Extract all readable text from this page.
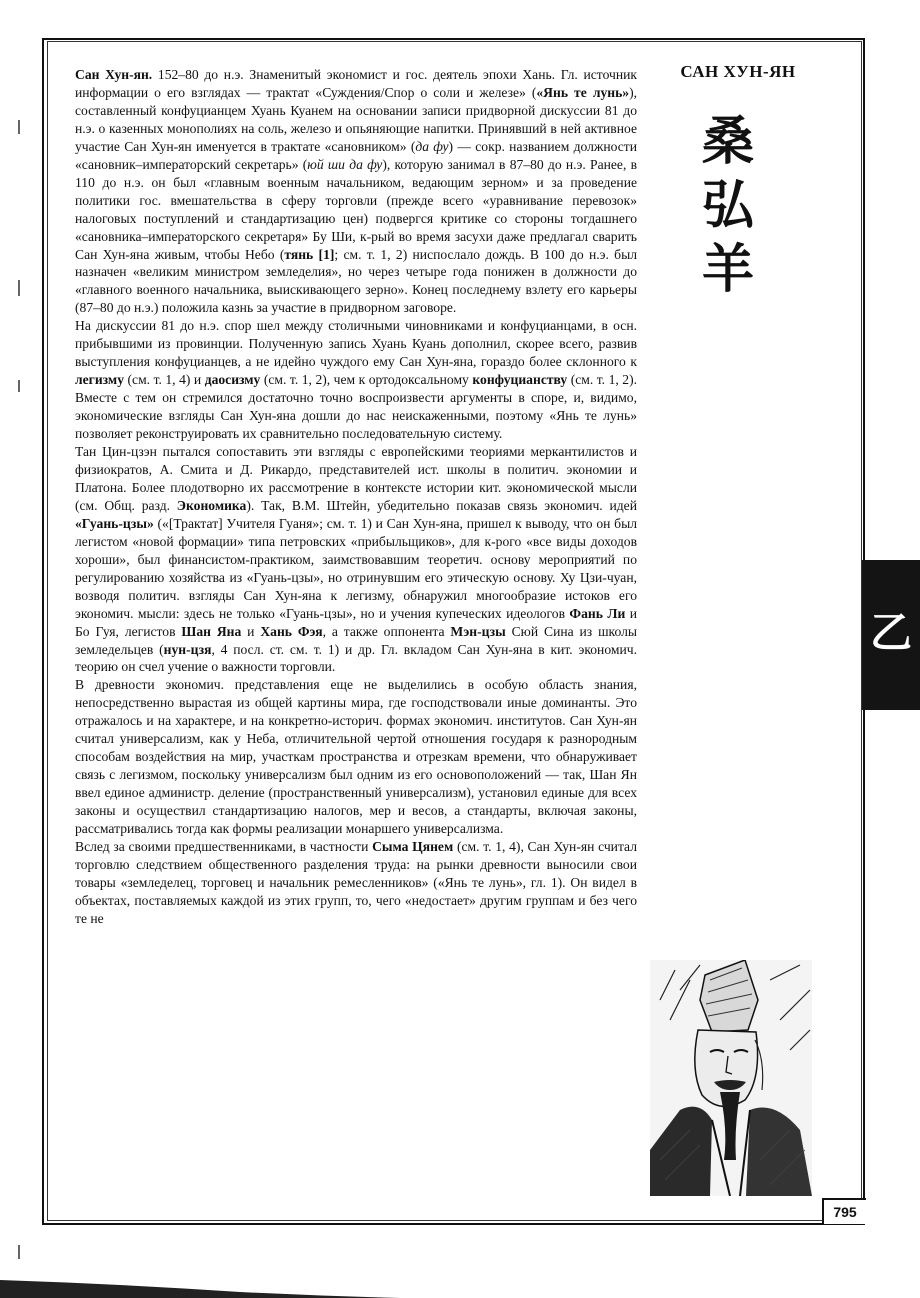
САН ХУН-ЯН
桑
弘
羊
乙

Сан Хун-ян. 152–80 до н.э. Знаменитый экономист и гос. деятель эпохи Хань. Гл. источник информации о его взглядах — трактат «Суждения/Спор о соли и железе» («Янь те лунь»), составленный конфуцианцем Хуань Куанем на основании записи придворной дискуссии 81 до н.э. о казенных монополиях на соль, железо и опьяняющие напитки. Принявший в ней активное участие Сан Хун-ян именуется в трактате «сановником» (да фу) — сокр. названием должности «сановник–императорский секретарь» (юй ши да фу), которую занимал в 87–80 до н.э. Ранее, в 110 до н.э. он был «главным военным начальником, ведающим зерном» и за проведение политики гос. вмешательства в сферу торговли (прежде всего «уравнивание перевозок» налоговых поступлений и стандартизацию цен) подвергся критике со стороны тогдашнего «сановника–императорского секретаря» Бу Ши, к-рый во время засухи даже предлагал сварить Сан Хун-яна живым, чтобы Небо (тянь [1]; см. т. 1, 2) ниспослало дождь. В 100 до н.э. был назначен «великим министром земледелия», но через четыре года понижен в должности до «главного военного начальника, выискивающего зерно». Конец последнему взлету его карьеры (87–80 до н.э.) положила казнь за участие в придворном заговоре.

На дискуссии 81 до н.э. спор шел между столичными чиновниками и конфуцианцами, в осн. прибывшими из провинции. Полученную запись Хуань Куань дополнил, скорее всего, развив выступления конфуцианцев, а не идейно чуждого ему Сан Хун-яна, гораздо более склонного к легизму (см. т. 1, 4) и даосизму (см. т. 1, 2), чем к ортодоксальному конфуцианству (см. т. 1, 2). Вместе с тем он стремился достаточно точно воспроизвести аргументы в споре, и, видимо, экономические взгляды Сан Хун-яна дошли до нас неискаженными, поэтому «Янь те лунь» позволяет реконструировать их сравнительно последовательную систему.

Тан Цин-цзэн пытался сопоставить эти взгляды с европейскими теориями меркантилистов и физиократов, А. Смита и Д. Рикардо, представителей ист. школы в политич. экономии и Платона. Более плодотворно их рассмотрение в контексте истории кит. экономической мысли (см. Общ. разд. Экономика). Так, В.М. Штейн, убедительно показав связь экономич. идей «Гуань-цзы» («[Трактат] Учителя Гуаня»; см. т. 1) и Сан Хун-яна, пришел к выводу, что он был легистом «новой формации» типа петровских «прибыльщиков», для к-рого «все виды доходов хороши», был финансистом-практиком, заимствовавшим теоретич. основу мероприятий по регулированию хозяйства из «Гуань-цзы», но отринувшим его этическую основу. Ху Цзи-чуан, возводя политич. взгляды Сан Хун-яна к легизму, обнаружил многообразие истоков его экономич. мысли: здесь не только «Гуань-цзы», но и учения купеческих идеологов Фань Ли и Бо Гуя, легистов Шан Яна и Хань Фэя, а также оппонента Мэн-цзы Сюй Сина из школы земледельцев (нун-цзя, 4 посл. ст. см. т. 1) и др. Гл. вкладом Сан Хун-яна в кит. экономич. теорию он счел учение о важности торговли.

В древности экономич. представления еще не выделились в особую область знания, непосредственно вырастая из общей картины мира, где господствовали иные доминанты. Это отражалось и на характере, и на конкретно-историч. формах экономич. институтов. Сан Хун-ян считал универсализм, как у Неба, отличительной чертой отношения государя к разнородным способам воздействия на мир, участкам пространства и отрезкам времени, что обнаруживает связь с легизмом, поскольку универсализм был одним из его основоположений — так, Шан Ян ввел единое администр. деление (пространственный универсализм), установил единые для всех законы и осуществил стандартизацию налогов, мер и весов, а стандарты, включая законы, рассматривались тогда как формы реализации монаршего универсализма.

Вслед за своими предшественниками, в частности Сыма Цянем (см. т. 1, 4), Сан Хун-ян считал торговлю следствием общественного разделения труда: на рынки древности выносили свои товары «земледелец, торговец и начальник ремесленников» («Янь те лунь», гл. 1). Он видел в объектах, поставляемых каждой из этих групп, то, чего «недостает» другим группам и без чего те не

795
